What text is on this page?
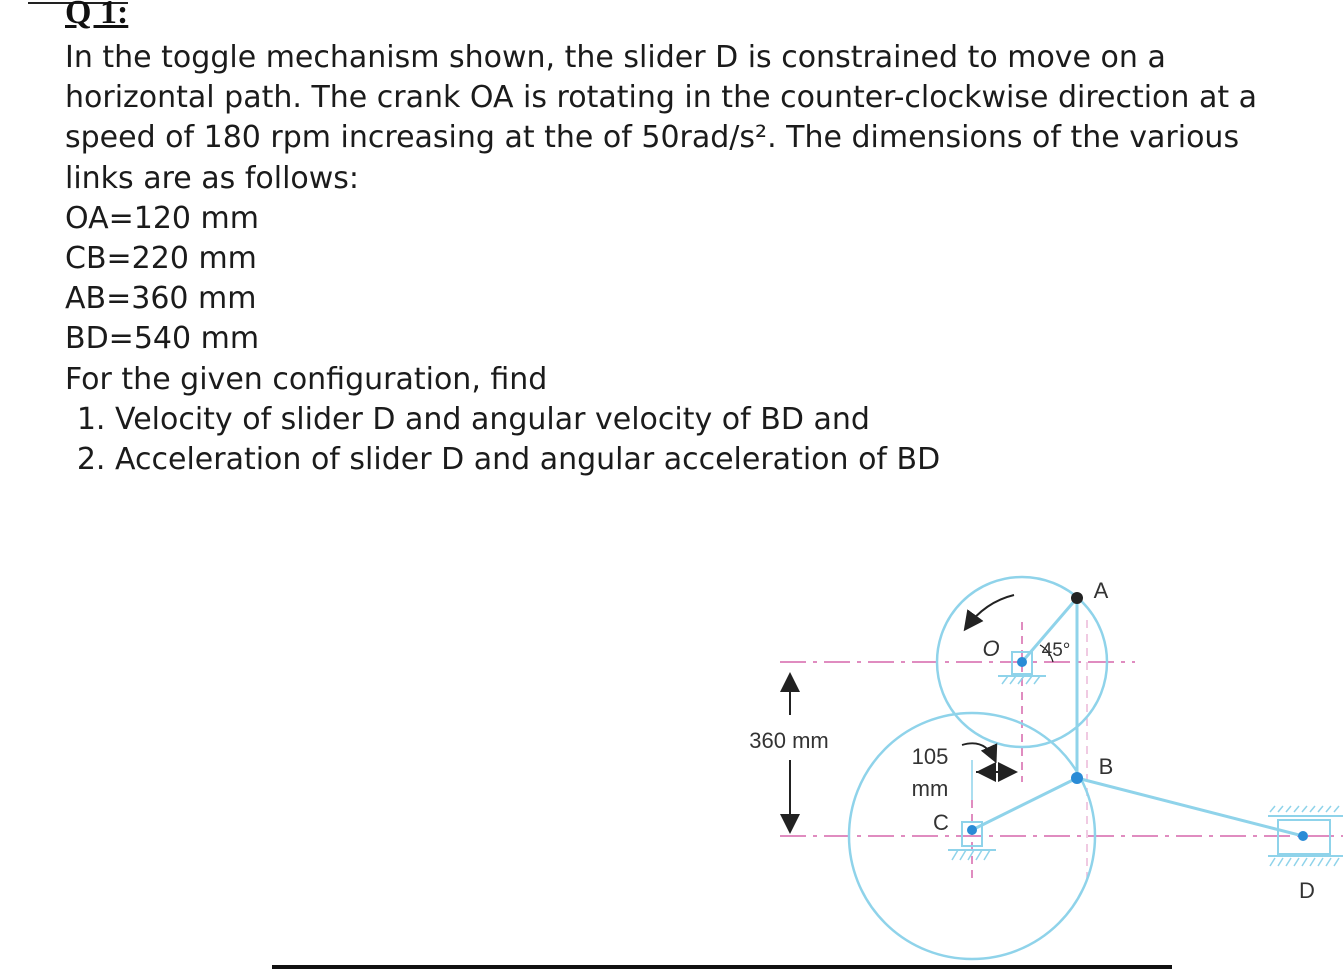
Q 1:

In the toggle mechanism shown, the slider D is constrained to move on a horizontal path. The crank OA is rotating in the counter-clockwise direction at a speed of 180 rpm increasing at the of 50rad/s². The dimensions of the various links are as follows:

OA=120 mm

CB=220 mm

AB=360 mm

BD=540 mm

For the given configuration, find

1. Velocity of slider D and angular velocity of BD and
2. Acceleration of slider D and angular acceleration of BD
360 mm
105
mm
A
B
C
D
O 45°
